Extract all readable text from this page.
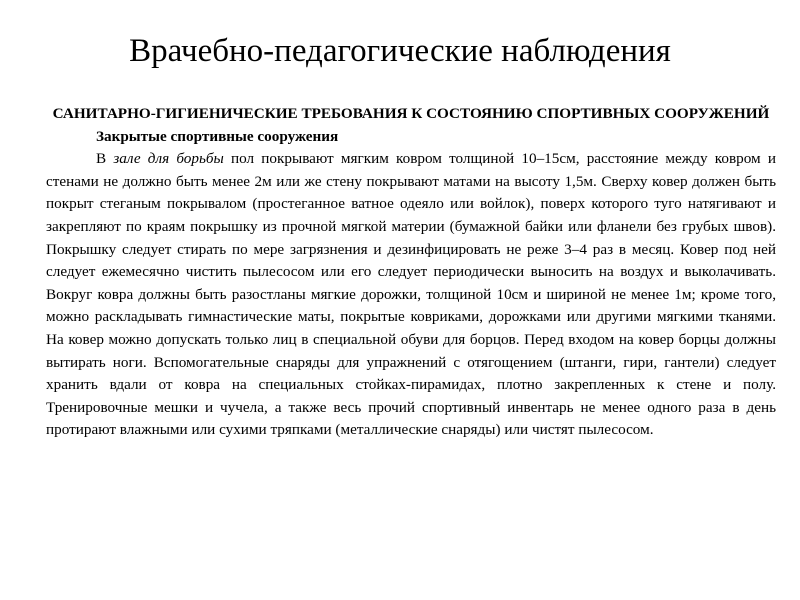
Врачебно-педагогические наблюдения

САНИТАРНО-ГИГИЕНИЧЕСКИЕ ТРЕБОВАНИЯ К СОСТОЯНИЮ СПОРТИВНЫХ СООРУЖЕНИЙ

Закрытые спортивные сооружения

В зале для борьбы пол покрывают мягким ковром толщиной 10–15см, расстояние между ковром и стенами не должно быть менее 2м или же стену покрывают матами на высоту 1,5м. Сверху ковер должен быть покрыт стеганым покрывалом (простеганное ватное одеяло или войлок), поверх которого туго натягивают и закрепляют по краям покрышку из прочной мягкой материи (бумажной байки или фланели без грубых швов). Покрышку следует стирать по мере загрязнения и дезинфицировать не реже 3–4 раз в месяц. Ковер под ней следует ежемесячно чистить пылесосом или его следует периодически выносить на воздух и выколачивать. Вокруг ковра должны быть разостланы мягкие дорожки, толщиной 10см и шириной не менее 1м; кроме того, можно раскладывать гимнастические маты, покрытые ковриками, дорожками или другими мягкими тканями. На ковер можно допускать только лиц в специальной обуви для борцов. Перед входом на ковер борцы должны вытирать ноги. Вспомогательные снаряды для упражнений с отягощением (штанги, гири, гантели) следует хранить вдали от ковра на специальных стойках-пирамидах, плотно закрепленных к стене и полу. Тренировочные мешки и чучела, а также весь прочий спортивный инвентарь не менее одного раза в день протирают влажными или сухими тряпками (металлические снаряды) или чистят пылесосом.
